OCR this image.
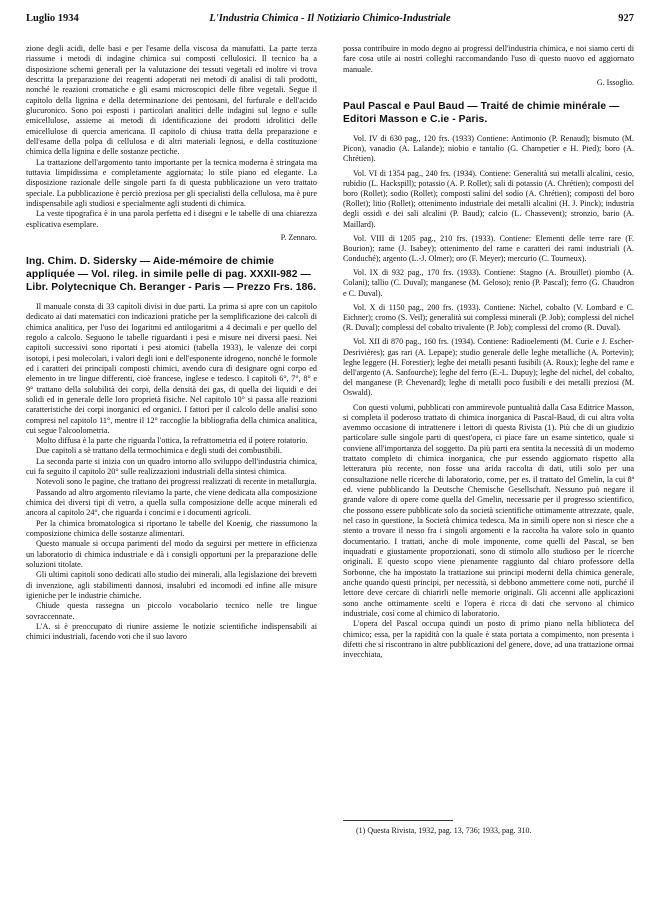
Luglio 1934	L'Industria Chimica - Il Notiziario Chimico-Industriale	927

zione degli acidi, delle basi e per l'esame della viscosa da manufatti. La parte terza riassume i metodi di indagine chimica sui composti cellulosici. Il tecnico ha a disposizione schemi generali per la valutazione dei tessuti vegetali ed inoltre vi trova descritta la preparazione dei reagenti adoperati nei metodi di analisi di tali prodotti, nonché le reazioni cromatiche e gli esami microscopici delle fibre vegetali. Segue il capitolo della lignina e della determinazione dei pentosani, del furfurale e dell'acido glucuronico. Sono poi esposti i particolari analitici delle indagini sul legno e sulle emicellulose, assieme ai metodi di identificazione dei prodotti idrolitici delle emicellulose di quercia americana. Il capitolo di chiusa tratta della preparazione e dell'esame della polpa di cellulosa e di altri materiali legnosi, e della costituzione chimica della lignina e delle sostanze pectiche.

La trattazione dell'argomento tanto importante per la tecnica moderna è stringata ma tuttavia limpidissima e completamente aggiornata; lo stile piano ed elegante. La disposizione razionale delle singole parti fa di questa pubblicazione un vero trattato speciale. La pubblicazione è perciò preziosa per gli specialisti della cellulosa, ma è pure indispensabile agli studiosi e specialmente agli studenti di chimica.

La veste tipografica è in una parola perfetta ed i disegni e le tabelle di una chiarezza esplicativa esemplare.

P. Zennaro.
Ing. Chim. D. Sidersky — Aide-mémoire de chimie appliquée — Vol. rileg. in simile pelle di pag. XXXII-982 — Libr. Polytecnique Ch. Beranger - Paris — Prezzo Frs. 186.

Il manuale consta di 33 capitoli divisi in due parti. La prima si apre con un capitolo dedicato ai dati matematici con indicazioni pratiche per la semplificazione dei calcoli di chimica analitica, per l'uso dei logaritmi ed antilogaritmi a 4 decimali e per quello del regolo a calcolo. Seguono le tabelle riguardanti i pesi e misure nei diversi paesi. Nei capitoli successivi sono riportati i pesi atomici (tabella 1933), le valenze dei corpi isotopi, i pesi molecolari, i valori degli ioni e dell'esponente idrogeno, nonché le formole ed i caratteri dei principali composti chimici, avendo cura di designare ogni corpo ed elemento in tre lingue differenti, cioè francese, inglese e tedesco. I capitoli 6°, 7°, 8° e 9° trattano della solubilità dei corpi, della densità dei gas, di quella dei liquidi e dei solidi ed in generale delle loro proprietà fisiche. Nel capitolo 10° si passa alle reazioni caratteristiche dei corpi inorganici ed organici. I fattori per il calcolo delle analisi sono compresi nel capitolo 11°, mentre il 12° raccoglie la bibliografia della chimica analitica, cui segue l'alcoolometria.

Molto diffusa è la parte che riguarda l'ottica, la refrattometria ed il potere rotatorio.

Due capitoli a sè trattano della termochimica e degli studi dei combustibili.

La seconda parte si inizia con un quadro intorno allo sviluppo dell'industria chimica, cui fa seguito il capitolo 20° sulle realizzazioni industriali della sintesi chimica.

Notevoli sono le pagine, che trattano dei progressi realizzati di recente in metallurgia.

Passando ad altro argomento rileviamo la parte, che viene dedicata alla composizione chimica dei diversi tipi di vetro, a quella sulla composizione delle acque minerali ed ancora al capitolo 24°, che riguarda i concimi e i documenti agricoli.

Per la chimica bromatologica si riportano le tabelle del Koenig, che riassumono la composizione chimica delle sostanze alimentari.

Questo manuale si occupa parimenti del modo da seguirsi per mettere in efficienza un laboratorio di chimica industriale e dà i consigli opportuni per la preparazione delle soluzioni titolate.

Gli ultimi capitoli sono dedicati allo studio dei minerali, alla legislazione dei brevetti di invenzione, agli stabilimenti dannosi, insalubri ed incomodi ed infine alle misure igieniche per le industrie chimiche.

Chiude questa rassegna un piccolo vocabolario tecnico nelle tre lingue sovraccennate.

L'A. si è preoccupato di riunire assieme le notizie scientifiche indispensabili ai chimici industriali, facendo voti che il suo lavoro

possa contribuire in modo degno ai progressi dell'industria chimica, e noi siamo certi di fare cosa utile ai nostri colleghi raccomandando l'uso di questo nuovo ed aggiornato manuale.

G. Issoglio.
Paul Pascal e Paul Baud — Traité de chimie minérale — Editori Masson e C.ie - Paris.

Vol. IV di 630 pag., 120 frs. (1933) Contiene: Antimonio (P. Renaud); bismuto (M. Picon), vanadio (A. Lalande); niobio e tantalio (G. Champetier e H. Pied); boro (A. Chrétien).

Vol. VI di 1354 pag., 240 frs. (1934). Contiene: Generalità sui metalli alcalini, cesio, rubidio (L. Hackspill); potassio (A. P. Rollet); sali di potassio (A. Chrétien); composti del boro (Rollet); sodio (Rollet); composti salini del sodio (A. Chrétien); composti del boro (Rollet); litio (Rollet); ottenimento industriale dei metalli alcalini (H. J. Pinck); industria degli ossidi e dei sali alcalini (P. Baud); calcio (L. Chassevent); stronzio, bario (A. Maillard).

Vol. VIII di 1205 pag., 210 frs. (1933). Contiene: Elementi delle terre rare (F. Bourion); rame (J. Isabey); ottenimento del rame e caratteri dei rami industriali (A. Conduché); argento (L.-J. Olmer); oro (F. Meyer); mercurio (C. Tourneux).

Vol. IX di 932 pag., 170 frs. (1933). Contiene: Stagno (A. Brouillet) piombo (A. Colani); tallio (C. Duval); manganese (M. Geloso); renio (P. Pascal); ferro (G. Chaudron e C. Duval).

Vol. X di 1150 pag., 200 frs. (1933). Contiene: Nichel, cobalto (V. Lombard e C. Eichner); cromo (S. Veil); generalità sui complessi minerali (P. Job); complessi del nichel (R. Duval); complessi del cobalto trivalente (P. Job); complessi del cromo (R. Duval).

Vol. XII di 870 pag., 160 frs. (1934). Contiene: Radioelementi (M. Curie e J. Escher-Desrivières); gas rari (A. Lepape); studio generale delle leghe metalliche (A. Portevin); leghe leggere (H. Forestier); leghe dei metalli pesanti fusibili (A. Roux); leghe del rame e dell'argento (A. Sanfourche); leghe del ferro (E.-L. Dupuy); leghe del nichel, del cobalto, del manganese (P. Chevenard); leghe di metalli poco fusibili e dei metalli preziosi (M. Oswald).

Con questi volumi, pubblicati con ammirevole puntualità dalla Casa Editrice Masson, si completa il poderoso trattato di chimica inorganica di Pascal-Baud, di cui altra volta avemmo occasione di intrattenere i lettori di questa Rivista (1). Più che di un giudizio particolare sulle singole parti di quest'opera, ci piace fare un esame sintetico, quale si conviene all'importanza del soggetto. Da più parti era sentita la necessità di un moderno trattato completo di chimica inorganica, che pur essendo aggiornato rispetto alla letteratura più recente, non fosse una arida raccolta di dati, utili solo per una consultazione nelle ricerche di laboratorio, come, per es. il trattato del Gmelin, la cui 8ª ed. viene pubblicando la Deutsche Chemische Gesellschaft. Nessuno può negare il grande valore di opere come quella del Gmelin, necessarie per il progresso scientifico, che possono essere pubblicate solo da società scientifiche ottimamente attrezzate, quale, nel caso in questione, la Società chimica tedesca. Ma in simili opere non si riesce che a stento a trovare il nesso fra i singoli argomenti e la raccolta ha valore solo in quanto documentario. I trattati, anche di mole imponente, come quelli del Pascal, se ben inquadrati e giustamente proporzionati, sono di stimolo allo studioso per le ricerche originali. E questo scopo viene pienamente raggiunto dal chiaro professore della Sorbonne, che ha impostato la trattazione sui principi moderni della chimica generale, anche quando questi principi, per necessità, si debbono ammettere come noti, purché il lettore deve cercare di chiarirli nelle memorie originali. Gli accenni alle applicazioni sono anche ottimamente scelti e l'opera è ricca di dati che servono al chimico industriale, così come al chimico di laboratorio.

L'opera del Pascal occupa quindi un posto di primo piano nella biblioteca del chimico; essa, per la rapidità con la quale è stata portata a compimento, non presenta i difetti che si riscontrano in altre pubblicazioni del genere, dove, ad una trattazione ormai invecchiata,

(1) Questa Rivista, 1932, pag. 13, 736; 1933, pag. 310.
